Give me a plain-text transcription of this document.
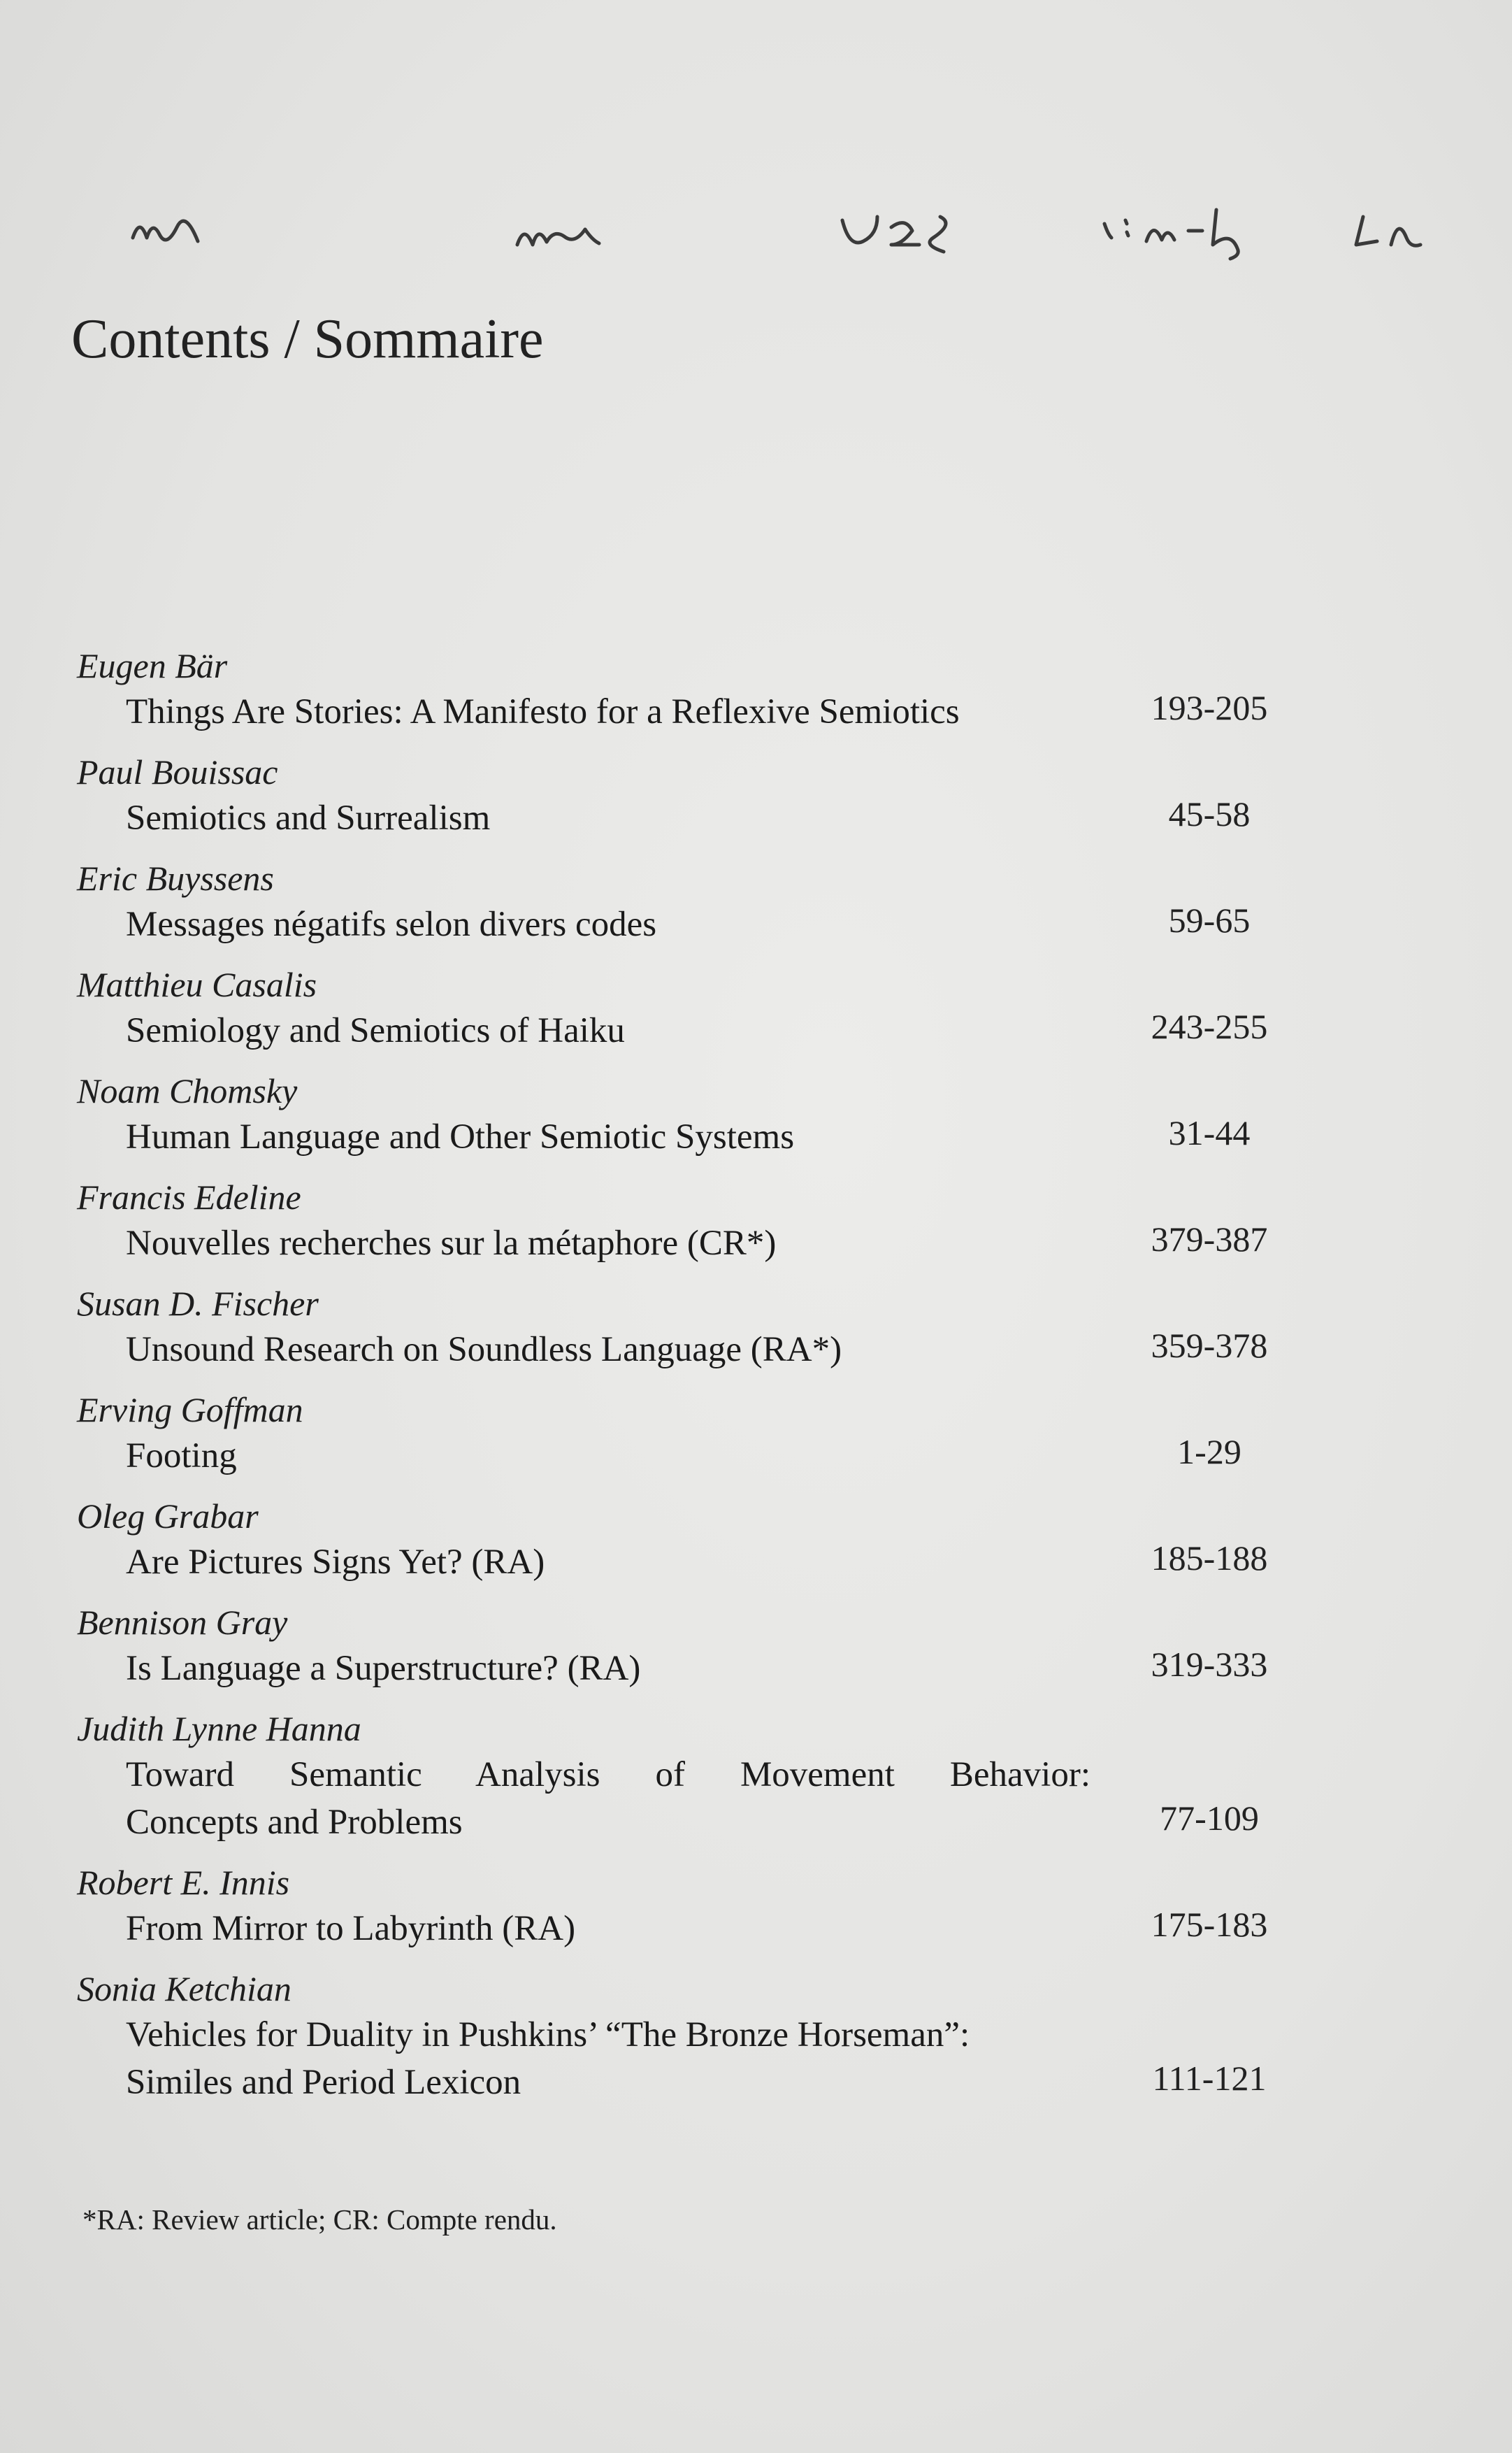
Contents / Sommaire
Eugen Bär
Things Are Stories: A Manifesto for a Reflexive Semiotics	193-205
Paul Bouissac
Semiotics and Surrealism	45-58
Eric Buyssens
Messages négatifs selon divers codes	59-65
Matthieu Casalis
Semiology and Semiotics of Haiku	243-255
Noam Chomsky
Human Language and Other Semiotic Systems	31-44
Francis Edeline
Nouvelles recherches sur la métaphore (CR*)	379-387
Susan D. Fischer
Unsound Research on Soundless Language (RA*)	359-378
Erving Goffman
Footing	1-29
Oleg Grabar
Are Pictures Signs Yet? (RA)	185-188
Bennison Gray
Is Language a Superstructure? (RA)	319-333
Judith Lynne Hanna
Toward Semantic Analysis of Movement Behavior:
Concepts and Problems	77-109
Robert E. Innis
From Mirror to Labyrinth (RA)	175-183
Sonia Ketchian
Vehicles for Duality in Pushkins’ “The Bronze Horseman”:
Similes and Period Lexicon	111-121
*RA: Review article; CR: Compte rendu.
